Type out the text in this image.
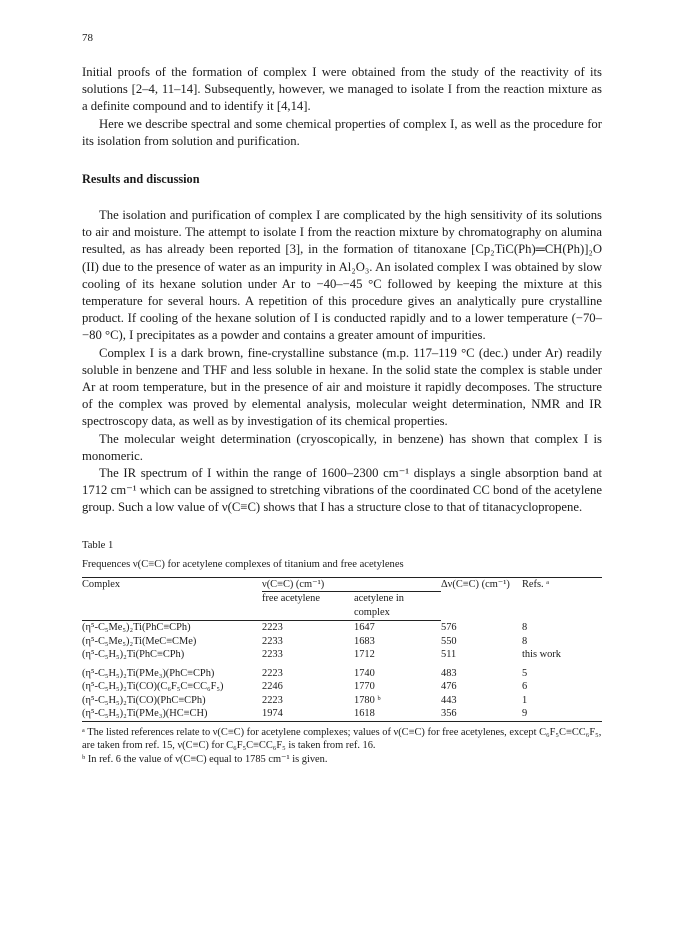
78

Initial proofs of the formation of complex I were obtained from the study of the reactivity of its solutions [2–4, 11–14]. Subsequently, however, we managed to isolate I from the reaction mixture as a definite compound and to identify it [4,14].

Here we describe spectral and some chemical properties of complex I, as well as the procedure for its isolation from solution and purification.

Results and discussion

The isolation and purification of complex I are complicated by the high sensitivity of its solutions to air and moisture. The attempt to isolate I from the reaction mixture by chromatography on alumina resulted, as has already been reported [3], in the formation of titanoxane [Cp₂TiC(Ph)═CH(Ph)]₂O (II) due to the presence of water as an impurity in Al₂O₃. An isolated complex I was obtained by slow cooling of its hexane solution under Ar to −40–−45 °C followed by keeping the mixture at this temperature for several hours. A repetition of this procedure gives an analytically pure crystalline product. If cooling of the hexane solution of I is conducted rapidly and to a lower temperature (−70–−80 °C), I precipitates as a powder and contains a greater amount of impurities.

Complex I is a dark brown, fine-crystalline substance (m.p. 117–119 °C (dec.) under Ar) readily soluble in benzene and THF and less soluble in hexane. In the solid state the complex is stable under Ar at room temperature, but in the presence of air and moisture it rapidly decomposes. The structure of the complex was proved by elemental analysis, molecular weight determination, NMR and IR spectroscopy data, as well as by investigation of its chemical properties.

The molecular weight determination (cryoscopically, in benzene) has shown that complex I is monomeric.

The IR spectrum of I within the range of 1600–2300 cm⁻¹ displays a single absorption band at 1712 cm⁻¹ which can be assigned to stretching vibrations of the coordinated CC bond of the acetylene group. Such a low value of ν(C≡C) shows that I has a structure close to that of titanacyclopropene.

Table 1
Frequences ν(C≡C) for acetylene complexes of titanium and free acetylenes
Complex	ν(C≡C) (cm⁻¹)		Δν(C≡C) (cm⁻¹)	Refs. ᵃ
	free acetylene	acetylene in complex		
(η⁵-C₅Me₅)₂Ti(PhC≡CPh)	2223	1647	576	8
(η⁵-C₅Me₅)₂Ti(MeC≡CMe)	2233	1683	550	8
(η⁵-C₅H₅)₂Ti(PhC≡CPh)	2233	1712	511	this work
(η⁵-C₅H₅)₂Ti(PMe₃)(PhC≡CPh)	2223	1740	483	5
(η⁵-C₅H₅)₂Ti(CO)(C₆F₅C≡CC₆F₅)	2246	1770	476	6
(η⁵-C₅H₅)₂Ti(CO)(PhC≡CPh)	2223	1780 ᵇ	443	1
(η⁵-C₅H₅)₂Ti(PMe₃)(HC≡CH)	1974	1618	356	9
ᵃ The listed references relate to ν(C≡C) for acetylene complexes; values of ν(C≡C) for free acetylenes, except C₆F₅C≡CC₆F₅, are taken from ref. 15, ν(C≡C) for C₆F₅C≡CC₆F₅ is taken from ref. 16.
ᵇ In ref. 6 the value of ν(C≡C) equal to 1785 cm⁻¹ is given.
